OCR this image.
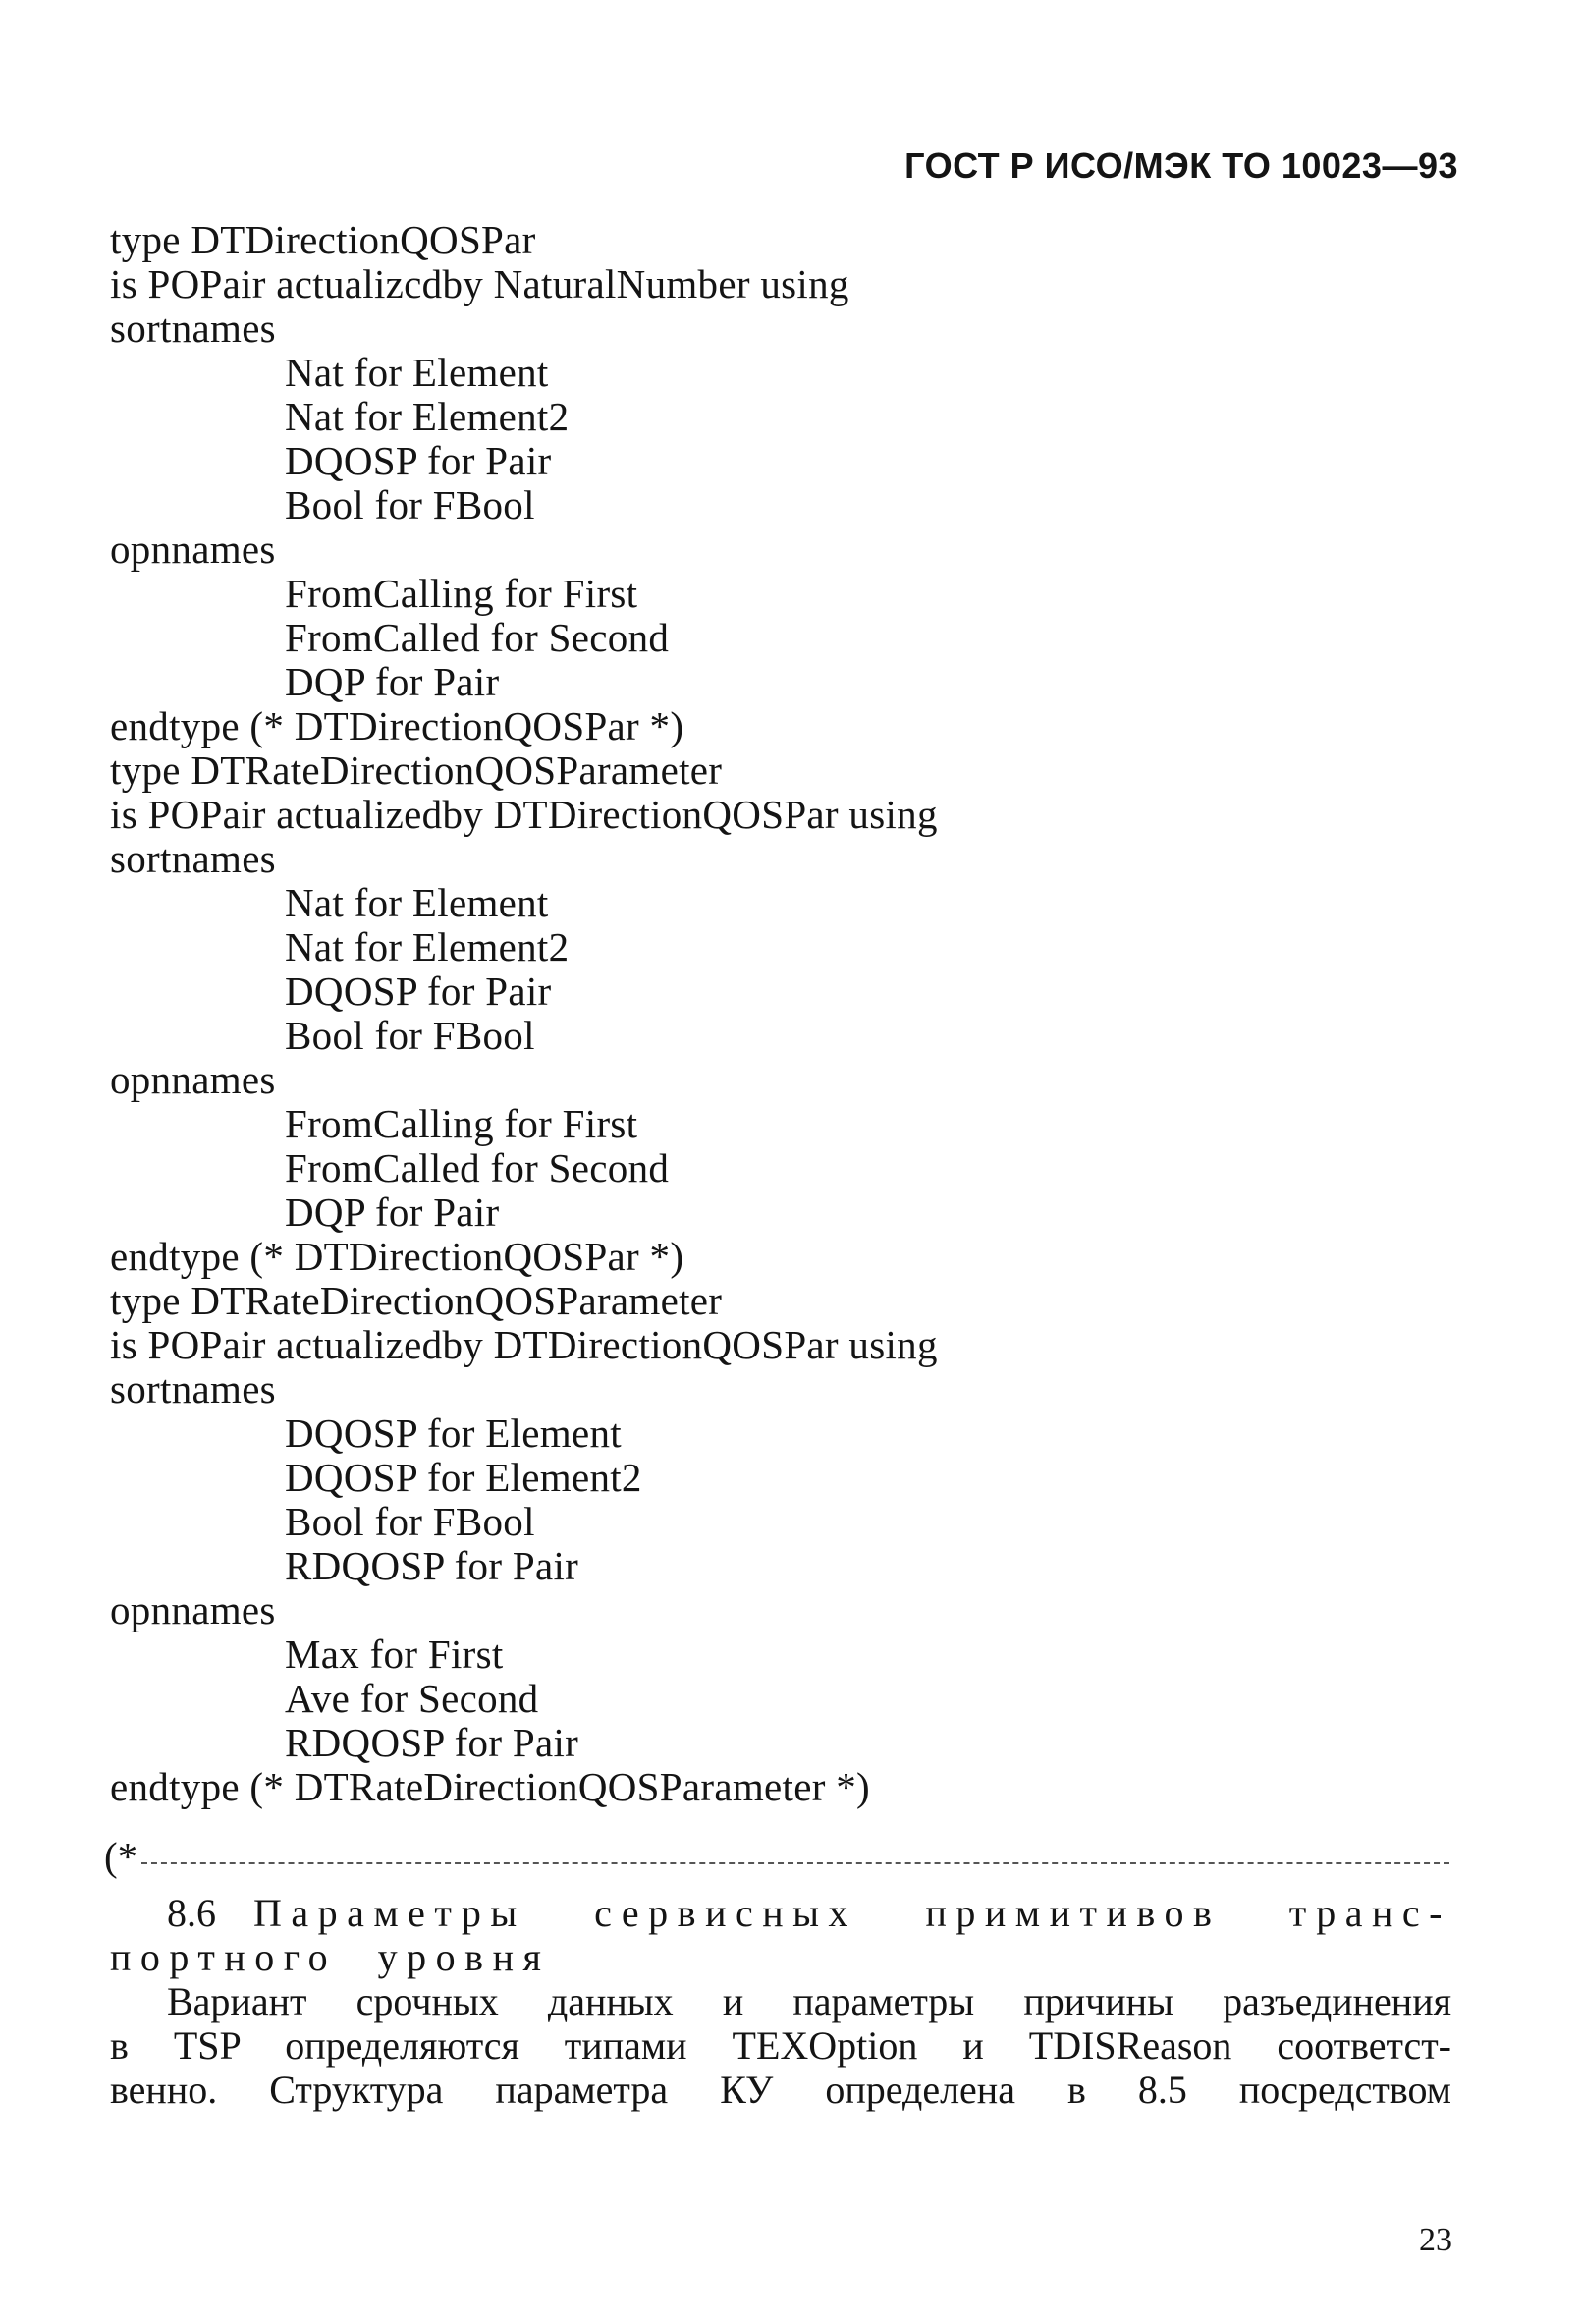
ГОСТ Р ИСО/МЭК ТО 10023—93
type DTDirectionQOSPar
is POPair actualizcdby NaturalNumber using
sortnames
Nat for Element
Nat for Element2
DQOSP for Pair
Bool for FBool
opnnames
FromCalling for First
FromCalled for Second
DQP for Pair
endtype (* DTDirectionQOSPar *)
type DTRateDirectionQOSParameter
is POPair actualizedby DTDirectionQOSPar using
sortnames
Nat for Element
Nat for Element2
DQOSP for Pair
Bool for FBool
opnnames
FromCalling for First
FromCalled for Second
DQP for Pair
endtype (* DTDirectionQOSPar *)
type DTRateDirectionQOSParameter
is POPair actualizedby DTDirectionQOSPar using
sortnames
DQOSP for Element
DQOSP for Element2
Bool for FBool
RDQOSP for Pair
opnnames
Max for First
Ave for Second
RDQOSP for Pair
endtype (* DTRateDirectionQOSParameter *)
(*
8.6 Параметры сервисных примитивов транс-
портного уровня
Вариант срочных данных и параметры причины разъединения
в TSP определяются типами TEXOption и TDISReason соответст-
венно. Структура параметра КУ определена в 8.5 посредством
23
